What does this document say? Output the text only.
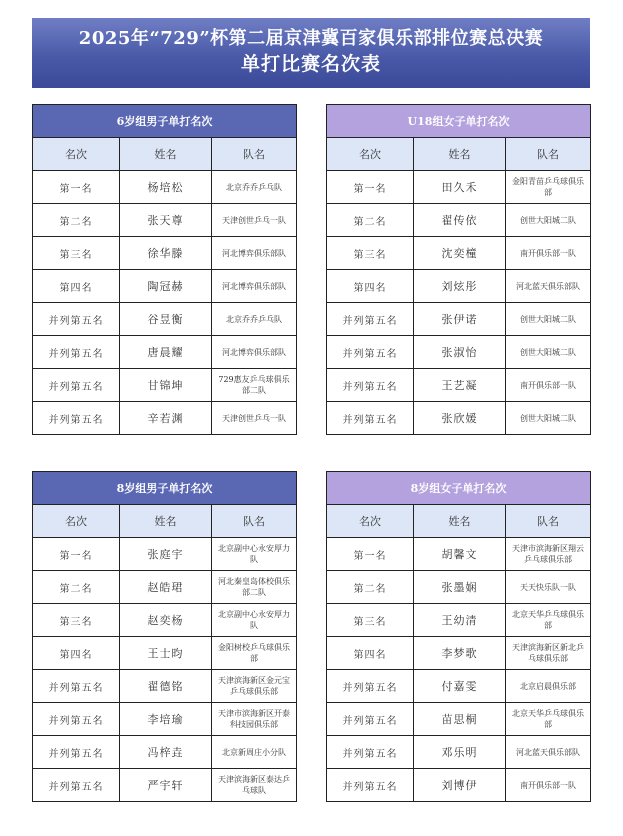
2025年“729”杯第二届京津冀百家俱乐部排位赛总决赛
单打比赛名次表
6岁组男子单打名次		
名次	姓名	队名
第一名	杨培松	北京乔乔乒乓队
第二名	张天尊	天津创世乒乓一队
第三名	徐华滕	河北博弈俱乐部队
第四名	陶冠赫	河北博弈俱乐部队
并列第五名	谷昱衡	北京乔乔乒乓队
并列第五名	唐晨耀	河北博弈俱乐部队
并列第五名	甘锦坤	729惠友乒乓球俱乐部二队
并列第五名	辛若渊	天津创世乒乓一队
U18组女子单打名次		
名次	姓名	队名
第一名	田久禾	金阳青苗乒乓球俱乐部
第二名	翟传依	创世大阳城二队
第三名	沈奕橦	南开俱乐部一队
第四名	刘炫彤	河北蓝天俱乐部队
并列第五名	张伊诺	创世大阳城二队
并列第五名	张淑怡	创世大阳城二队
并列第五名	王艺凝	南开俱乐部一队
并列第五名	张欣媛	创世大阳城二队
8岁组男子单打名次		
名次	姓名	队名
第一名	张庭宇	北京副中心永安厚力队
第二名	赵皓珺	河北秦皇岛体校俱乐部二队
第三名	赵奕杨	北京副中心永安厚力队
第四名	王士昀	金阳树校乒乓球俱乐部
并列第五名	翟德铭	天津滨海新区金元宝乒乓球俱乐部
并列第五名	李培瑜	天津市滨海新区开泰科技园俱乐部
并列第五名	冯梓垚	北京新周庄小分队
并列第五名	严宇轩	天津滨海新区泰达乒乓球队
8岁组女子单打名次		
名次	姓名	队名
第一名	胡馨文	天津市滨海新区翔云乒乓球俱乐部
第二名	张墨娴	天天快乐队一队
第三名	王幼清	北京天华乒乓球俱乐部
第四名	李梦歌	天津滨海新区新北乒乓球俱乐部
并列第五名	付嘉雯	北京启晨俱乐部
并列第五名	苗思桐	北京天华乒乓球俱乐部
并列第五名	邓乐明	河北蓝天俱乐部队
并列第五名	刘博伊	南开俱乐部一队
